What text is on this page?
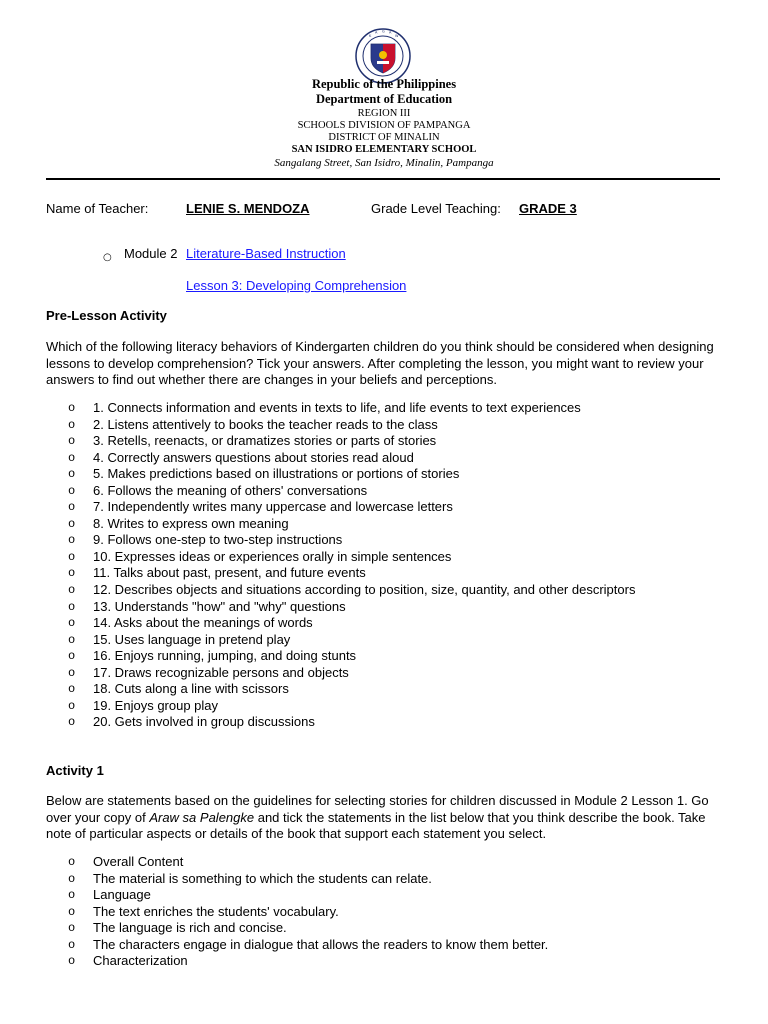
K
A G A
W
Republic of the Philippines
Department of Education
REGION III
SCHOOLS DIVISION OF PAMPANGA
DISTRICT OF MINALIN
SAN ISIDRO ELEMENTARY SCHOOL
Sangalang Street, San Isidro, Minalin, Pampanga
Name of Teacher:	LENIE S. MENDOZA	Grade Level Teaching: GRADE 3
○ Module 2 Literature-Based Instruction
Lesson 3: Developing Comprehension
Pre-Lesson Activity
Which of the following literacy behaviors of Kindergarten children do you think should be considered when designing lessons to develop comprehension? Tick your answers. After completing the lesson, you might want to review your answers to find out whether there are changes in your beliefs and perceptions.
o 1. Connects information and events in texts to life, and life events to text experiences
o 2. Listens attentively to books the teacher reads to the class
o 3. Retells, reenacts, or dramatizes stories or parts of stories
o 4. Correctly answers questions about stories read aloud
o 5. Makes predictions based on illustrations or portions of stories
o 6. Follows the meaning of others' conversations
o 7. Independently writes many uppercase and lowercase letters
o 8. Writes to express own meaning
o 9. Follows one-step to two-step instructions
o 10. Expresses ideas or experiences orally in simple sentences
o 11. Talks about past, present, and future events
o 12. Describes objects and situations according to position, size, quantity, and other descriptors
o 13. Understands "how" and "why" questions
o 14. Asks about the meanings of words
o 15. Uses language in pretend play
o 16. Enjoys running, jumping, and doing stunts
o 17. Draws recognizable persons and objects
o 18. Cuts along a line with scissors
o 19. Enjoys group play
o 20. Gets involved in group discussions
Activity 1
Below are statements based on the guidelines for selecting stories for children discussed in Module 2 Lesson 1. Go over your copy of Araw sa Palengke and tick the statements in the list below that you think describe the book. Take note of particular aspects or details of the book that support each statement you select.
o Overall Content
o The material is something to which the students can relate.
o Language
o The text enriches the students' vocabulary.
o The language is rich and concise.
o The characters engage in dialogue that allows the readers to know them better.
o Characterization
